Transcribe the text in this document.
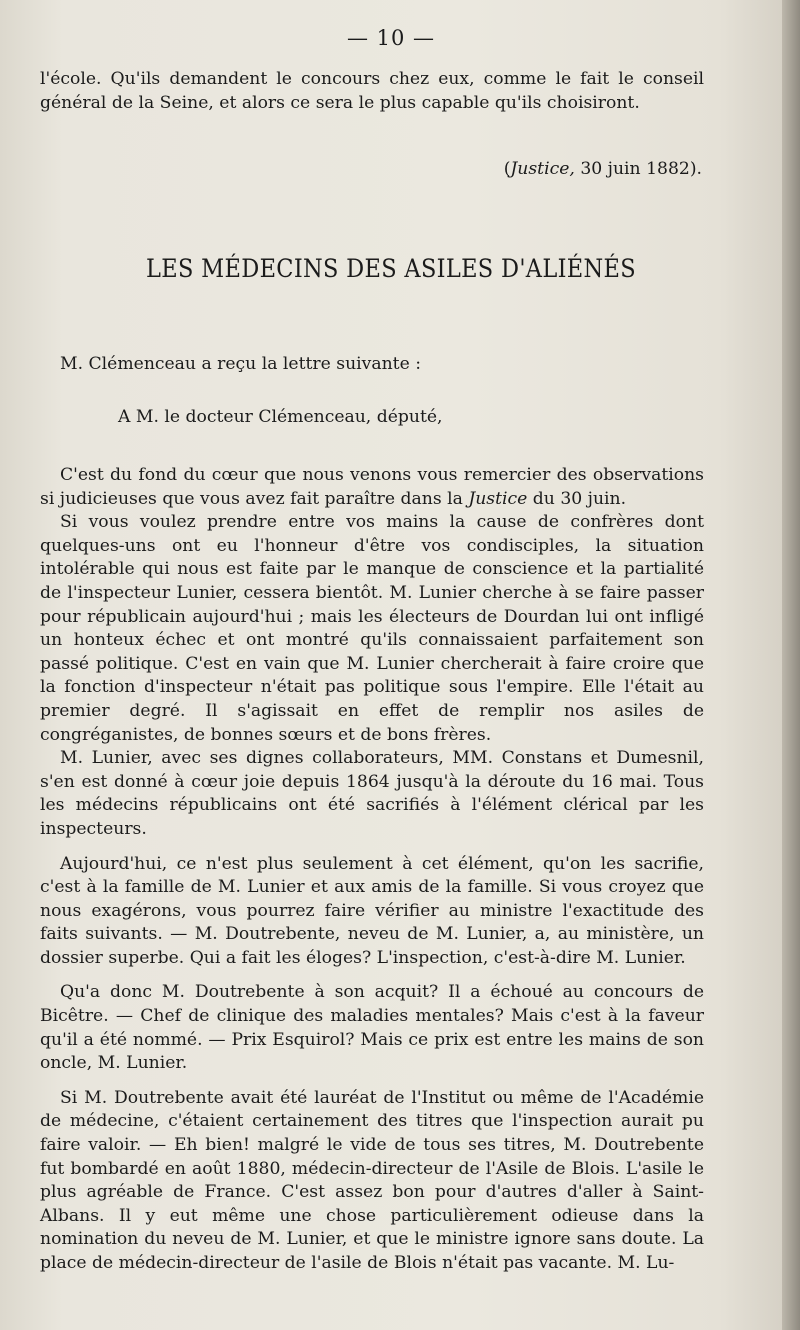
— 10 —

l'école. Qu'ils demandent le concours chez eux, comme le fait le conseil général de la Seine, et alors ce sera le plus capable qu'ils choisiront.

(Justice, 30 juin 1882).
LES MÉDECINS DES ASILES D'ALIÉNÉS
M. Clémenceau a reçu la lettre suivante :
A M. le docteur Clémenceau, député,

C'est du fond du cœur que nous venons vous remercier des observations si judicieuses que vous avez fait paraître dans la Justice du 30 juin.

Si vous voulez prendre entre vos mains la cause de confrères dont quelques-uns ont eu l'honneur d'être vos condisciples, la situation intolérable qui nous est faite par le manque de conscience et la partialité de l'inspecteur Lunier, cessera bientôt. M. Lunier cherche à se faire passer pour républicain aujourd'hui ; mais les électeurs de Dourdan lui ont infligé un honteux échec et ont montré qu'ils connaissaient parfaitement son passé politique. C'est en vain que M. Lunier chercherait à faire croire que la fonction d'inspecteur n'était pas politique sous l'empire. Elle l'était au premier degré. Il s'agissait en effet de remplir nos asiles de congréganistes, de bonnes sœurs et de bons frères.

M. Lunier, avec ses dignes collaborateurs, MM. Constans et Dumesnil, s'en est donné à cœur joie depuis 1864 jusqu'à la déroute du 16 mai. Tous les médecins républicains ont été sacrifiés à l'élément clérical par les inspecteurs.

Aujourd'hui, ce n'est plus seulement à cet élément, qu'on les sacrifie, c'est à la famille de M. Lunier et aux amis de la famille. Si vous croyez que nous exagérons, vous pourrez faire vérifier au ministre l'exactitude des faits suivants. — M. Doutrebente, neveu de M. Lunier, a, au ministère, un dossier superbe. Qui a fait les éloges? L'inspection, c'est-à-dire M. Lunier.

Qu'a donc M. Doutrebente à son acquit? Il a échoué au concours de Bicêtre. — Chef de clinique des maladies mentales? Mais c'est à la faveur qu'il a été nommé. — Prix Esquirol? Mais ce prix est entre les mains de son oncle, M. Lunier.

Si M. Doutrebente avait été lauréat de l'Institut ou même de l'Académie de médecine, c'étaient certainement des titres que l'inspection aurait pu faire valoir. — Eh bien! malgré le vide de tous ses titres, M. Doutrebente fut bombardé en août 1880, médecin-directeur de l'Asile de Blois. L'asile le plus agréable de France. C'est assez bon pour d'autres d'aller à Saint-Albans. Il y eut même une chose particulièrement odieuse dans la nomination du neveu de M. Lunier, et que le ministre ignore sans doute. La place de médecin-directeur de l'asile de Blois n'était pas vacante. M. Lu-
